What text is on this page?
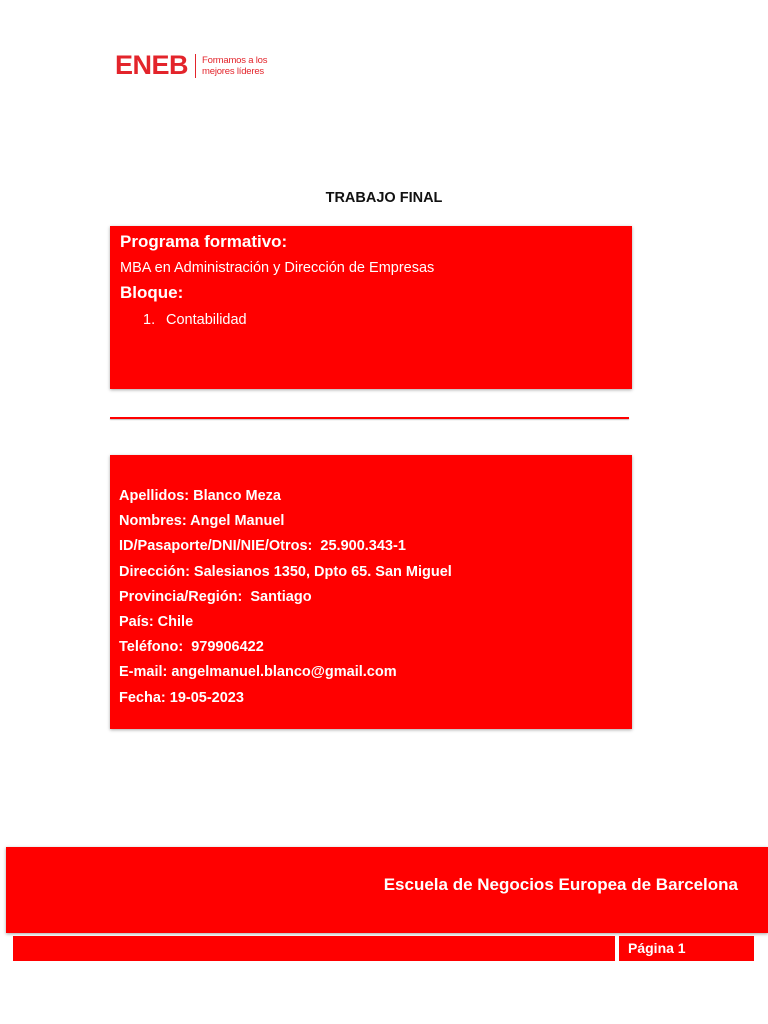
ENEB Formamos a los
mejores líderes
TRABAJO FINAL
Programa formativo:
MBA en Administración y Dirección de Empresas
Bloque:
1. Contabilidad
Apellidos: Blanco Meza
Nombres: Angel Manuel
ID/Pasaporte/DNI/NIE/Otros:  25.900.343-1
Dirección: Salesianos 1350, Dpto 65. San Miguel
Provincia/Región:  Santiago
País: Chile
Teléfono:  979906422
E-mail: angelmanuel.blanco@gmail.com
Fecha: 19-05-2023
Escuela de Negocios Europea de Barcelona
Página 1
